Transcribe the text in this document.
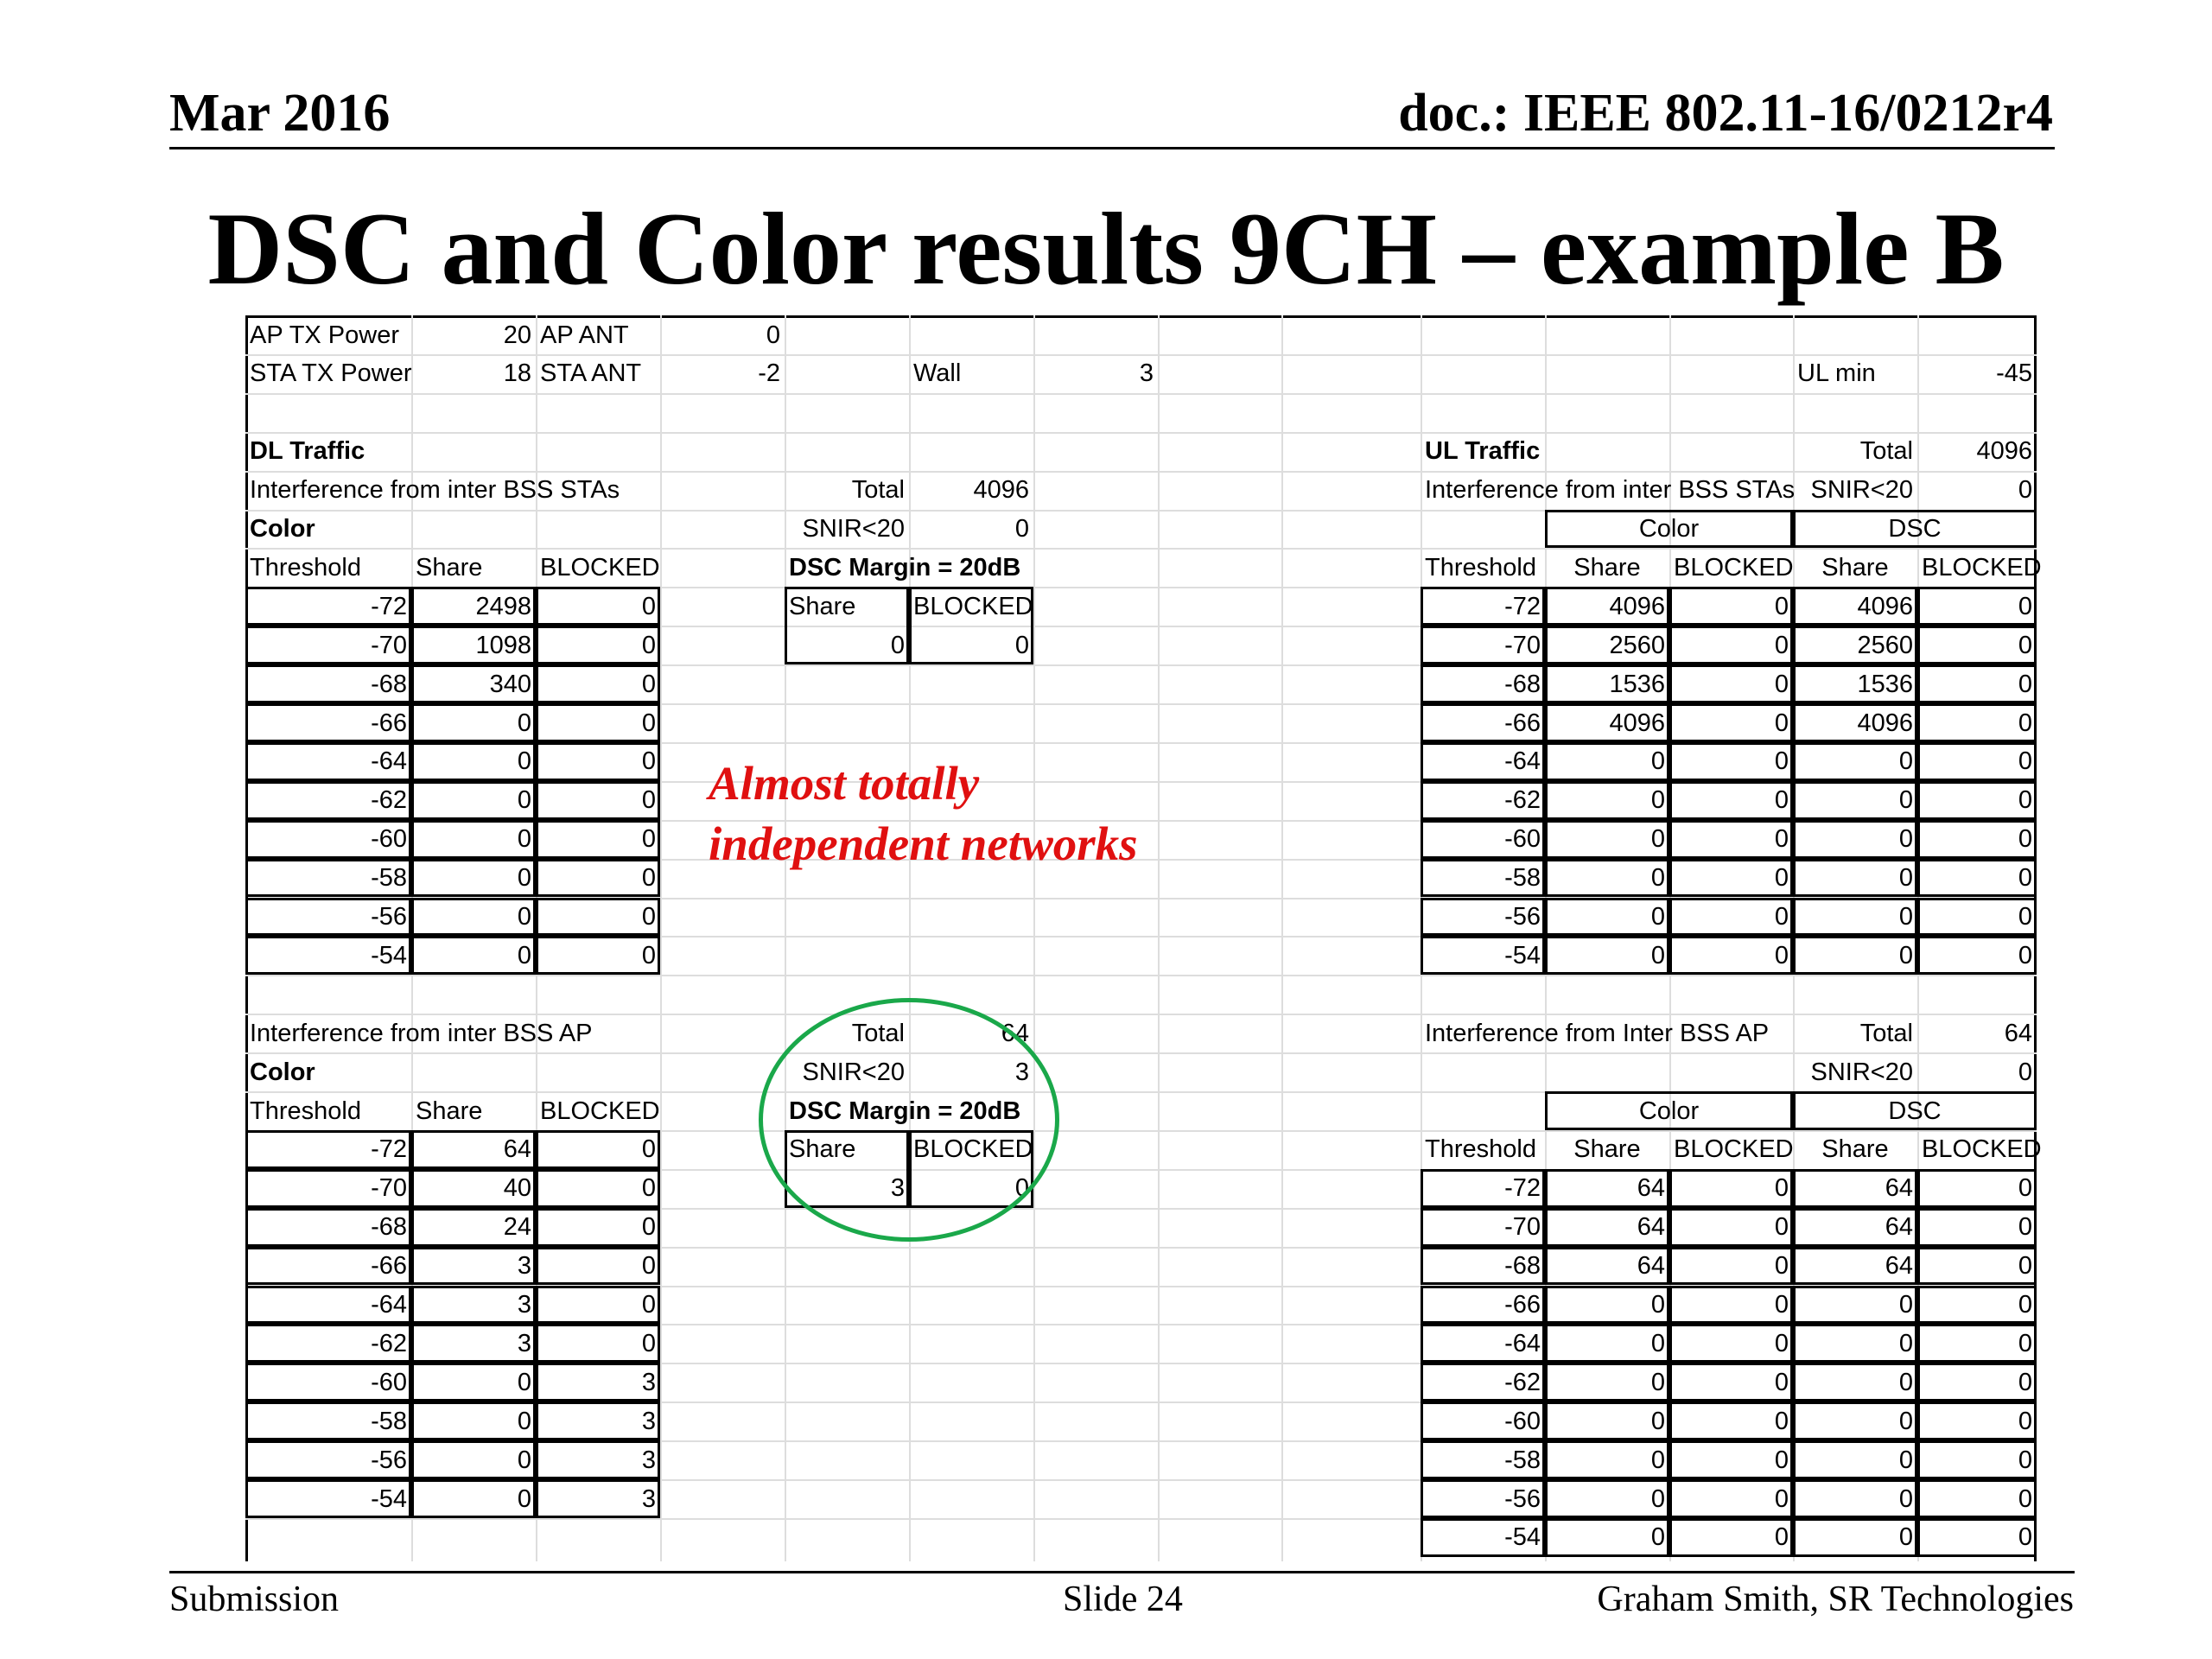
Mar 2016	doc.: IEEE 802.11-16/0212r4
DSC and Color results 9CH – example B
AP TX Power	20 AP ANT	0
STA TX Power	18 STA ANT	-2	Wall	3	UL min	-45
DL Traffic	UL Traffic	Total	4096
Interference from inter BSS STAs	Total	4096
Color	SNIR<20	0
Threshold	Share	BLOCKED	DSC Margin = 20dB
Share	BLOCKED
0	0
-72	2498	0
-70	1098	0
-68	340	0
-66	0	0
-64	0	0
-62	0	0
-60	0	0
-58	0	0
-56	0	0
-54	0	0
Interference from inter BSS AP	Total	64
Color	SNIR<20	3
Threshold	Share	BLOCKED	DSC Margin = 20dB
Share	BLOCKED
3	0
-72	64	0
-70	40	0
-68	24	0
-66	3	0
-64	3	0
-62	3	0
-60	0	3
-58	0	3
-56	0	3
-54	0	3
Interference from inter BSS STAs SNIR<20	0
Color	DSC
Threshold	Share	BLOCKED	Share	BLOCKED
-72	4096	0	4096	0
-70	2560	0	2560	0
-68	1536	0	1536	0
-66	4096	0	4096	0
-64	0	0	0	0
-62	0	0	0	0
-60	0	0	0	0
-58	0	0	0	0
-56	0	0	0	0
-54	0	0	0	0
Interference from Inter BSS AP	Total	64
SNIR<20	0
Color	DSC
Threshold	Share	BLOCKED	Share	BLOCKED
-72	64	0	64	0
-70	64	0	64	0
-68	64	0	64	0
-66	0	0	0	0
-64	0	0	0	0
-62	0	0	0	0
-60	0	0	0	0
-58	0	0	0	0
-56	0	0	0	0
-54	0	0	0	0
Almost totally
independent networks
Submission	Slide 24	Graham Smith, SR Technologies
